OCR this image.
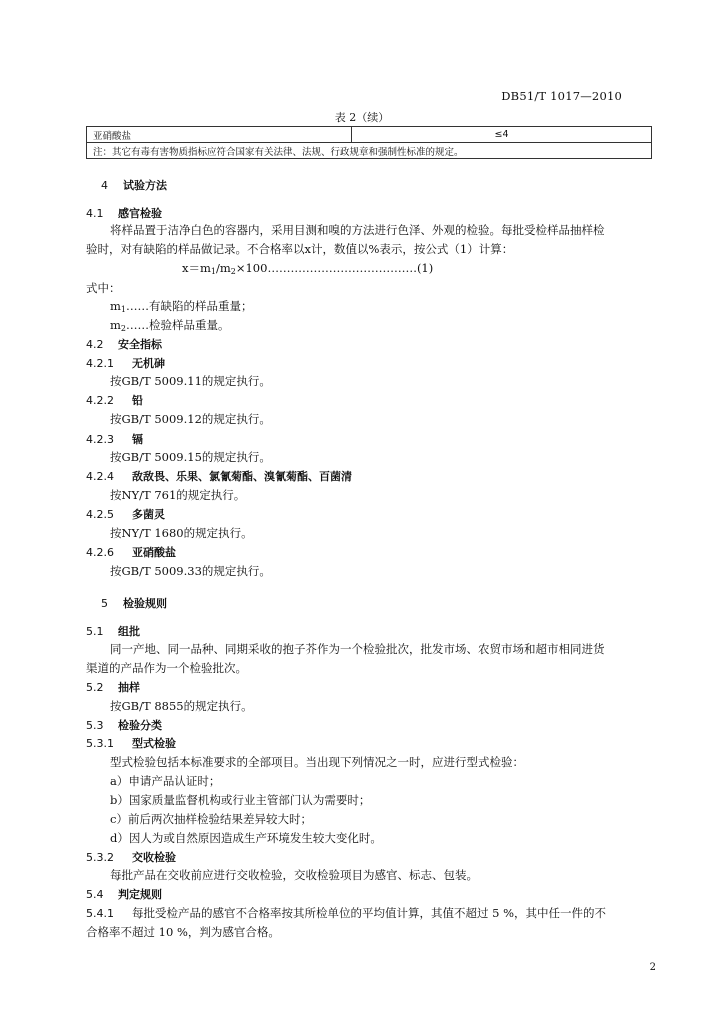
DB51/T 1017—2010
表 2（续）
亚硝酸盐	≤4
注：其它有毒有害物质指标应符合国家有关法律、法规、行政规章和强制性标准的规定。
4 试验方法
4.1 感官检验
将样品置于洁净白色的容器内，采用目测和嗅的方法进行色泽、外观的检验。每批受检样品抽样检
验时，对有缺陷的样品做记录。不合格率以x计，数值以%表示，按公式（1）计算：
$x=m_1/m_2\times 100\dots\dots\dots\dots\dots\dots\dots\dots\dots\dots\dots\dots\dots(1)$
式中：
$m_1\dots\dots$有缺陷的样品重量；
$m_2\dots\dots$检验样品重量。
4.2 安全指标
4.2.1 无机砷
按GB/T 5009.11的规定执行。
4.2.2 铅
按GB/T 5009.12的规定执行。
4.2.3 镉
按GB/T 5009.15的规定执行。
4.2.4 敌敌畏、乐果、氯氰菊酯、溴氰菊酯、百菌清
按NY/T 761的规定执行。
4.2.5 多菌灵
按NY/T 1680的规定执行。
4.2.6 亚硝酸盐
按GB/T 5009.33的规定执行。
5 检验规则
5.1 组批
同一产地、同一品种、同期采收的抱子芥作为一个检验批次，批发市场、农贸市场和超市相同进货
渠道的产品作为一个检验批次。
5.2 抽样
按GB/T 8855的规定执行。
5.3 检验分类
5.3.1 型式检验
型式检验包括本标准要求的全部项目。当出现下列情况之一时，应进行型式检验：
a）申请产品认证时；
b）国家质量监督机构或行业主管部门认为需要时；
c）前后两次抽样检验结果差异较大时；
d）因人为或自然原因造成生产环境发生较大变化时。
5.3.2 交收检验
每批产品在交收前应进行交收检验，交收检验项目为感官、标志、包装。
5.4 判定规则
5.4.1 每批受检产品的感官不合格率按其所检单位的平均值计算，其值不超过 5 %，其中任一件的不
合格率不超过 10 %，判为感官合格。
2
